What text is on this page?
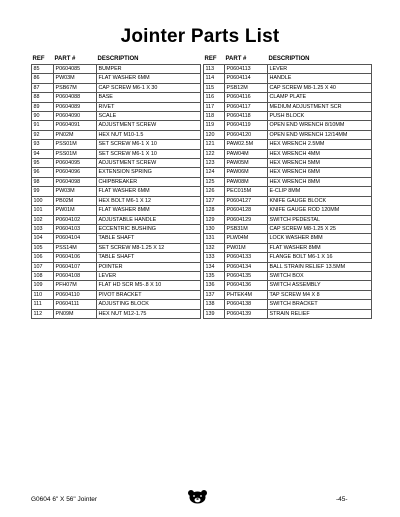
Jointer Parts List
REF	PART #	DESCRIPTION
85	P0604085	BUMPER
86	PW03M	FLAT WASHER 6MM
87	PSB67M	CAP SCREW M6-1 X 30
88	P0604088	BASE
89	P0604089	RIVET
90	P0604090	SCALE
91	P0604091	ADJUSTMENT SCREW
92	PN02M	HEX NUT M10-1.5
93	PSS01M	SET SCREW M6-1 X 10
94	PSS01M	SET SCREW M6-1 X 10
95	P0604095	ADJUSTMENT SCREW
96	P0604096	EXTENSION SPRING
98	P0604098	CHIPBREAKER
99	PW03M	FLAT WASHER 6MM
100	PB02M	HEX BOLT M6-1 X 12
101	PW01M	FLAT WASHER 8MM
102	P0604102	ADJUSTABLE HANDLE
103	P0604103	ECCENTRIC BUSHING
104	P0604104	TABLE SHAFT
105	PSS14M	SET SCREW M8-1.25 X 12
106	P0604106	TABLE SHAFT
107	P0604107	POINTER
108	P0604108	LEVER
109	PFH07M	FLAT HD SCR M5-.8 X 10
110	P0604110	PIVOT BRACKET
111	P0604111	ADJUSTING BLOCK
112	PN09M	HEX NUT M12-1.75
REF	PART #	DESCRIPTION
113	P0604113	LEVER
114	P0604114	HANDLE
115	PSB12M	CAP SCREW M8-1.25 X 40
116	P0604116	CLAMP PLATE
117	P0604117	MEDIUM ADJUSTMENT SCR
118	P0604118	PUSH BLOCK
119	P0604119	OPEN END WRENCH 8/10MM
120	P0604120	OPEN END WRENCH 12/14MM
121	PAW02.5M	HEX WRENCH 2.5MM
122	PAW04M	HEX WRENCH 4MM
123	PAW05M	HEX WRENCH 5MM
124	PAW06M	HEX WRENCH 6MM
125	PAW08M	HEX WRENCH 8MM
126	PEC015M	E-CLIP 8MM
127	P0604127	KNIFE GAUGE BLOCK
128	P0604128	KNIFE GAUGE ROD 120MM
129	P0604129	SWITCH PEDESTAL
130	PSB31M	CAP SCREW M8-1.25 X 25
131	PLW04M	LOCK WASHER 8MM
132	PW01M	FLAT WASHER 8MM
133	P0604133	FLANGE BOLT M6-1 X 16
134	P0604134	BALL STRAIN RELIEF 13.5MM
135	P0604135	SWITCH BOX
136	P0604136	SWITCH ASSEMBLY
137	PHTEK4M	TAP SCREW M4 X 8
138	P0604138	SWITCH BRACKET
139	P0604139	STRAIN RELIEF
G0604 6" X 56" Jointer	-45-
